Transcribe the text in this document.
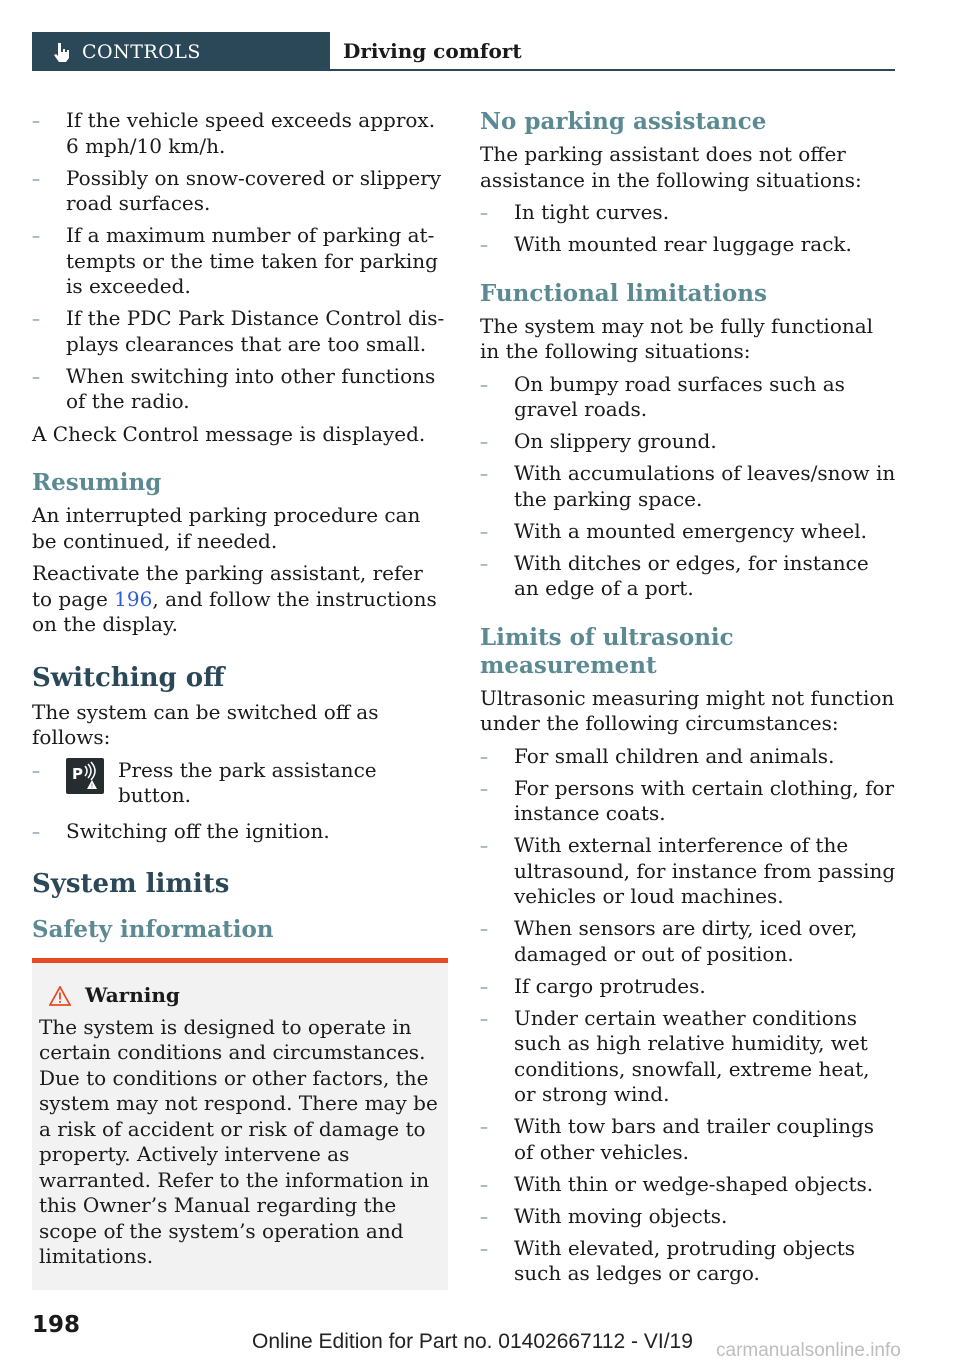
CONTROLS	Driving comfort
– If the vehicle speed exceeds approx. 6 mph/10 km/h.
– Possibly on snow-covered or slippery road surfaces.
– If a maximum number of parking attempts or the time taken for parking is exceeded.
– If the PDC Park Distance Control displays clearances that are too small.
– When switching into other functions of the radio.

A Check Control message is displayed.

Resuming

An interrupted parking procedure can be continued, if needed.

Reactivate the parking assistant, refer to page 196, and follow the instructions on the display.

Switching off

The system can be switched off as follows:

– P
!
Press the park assistance button.
– Switching off the ignition.
System limits
Safety information
Warning

The system is designed to operate in certain conditions and circumstances. Due to conditions or other factors, the system may not respond. There may be a risk of accident or risk of damage to property. Actively intervene as warranted. Refer to the information in this Owner’s Manual regarding the scope of the system’s operation and limitations.

No parking assistance

The parking assistant does not offer assistance in the following situations:

– In tight curves.
– With mounted rear luggage rack.
Functional limitations

The system may not be fully functional in the following situations:

– On bumpy road surfaces such as gravel roads.
– On slippery ground.
– With accumulations of leaves/snow in the parking space.
– With a mounted emergency wheel.
– With ditches or edges, for instance an edge of a port.
Limits of ultrasonic measurement

Ultrasonic measuring might not function under the following circumstances:

– For small children and animals.
– For persons with certain clothing, for instance coats.
– With external interference of the ultrasound, for instance from passing vehicles or loud machines.
– When sensors are dirty, iced over, damaged or out of position.
– If cargo protrudes.
– Under certain weather conditions such as high relative humidity, wet conditions, snowfall, extreme heat, or strong wind.
– With tow bars and trailer couplings of other vehicles.
– With thin or wedge-shaped objects.
– With moving objects.
– With elevated, protruding objects such as ledges or cargo.
198
Online Edition for Part no. 01402667112 - VI/19 carmanualsonline.info
